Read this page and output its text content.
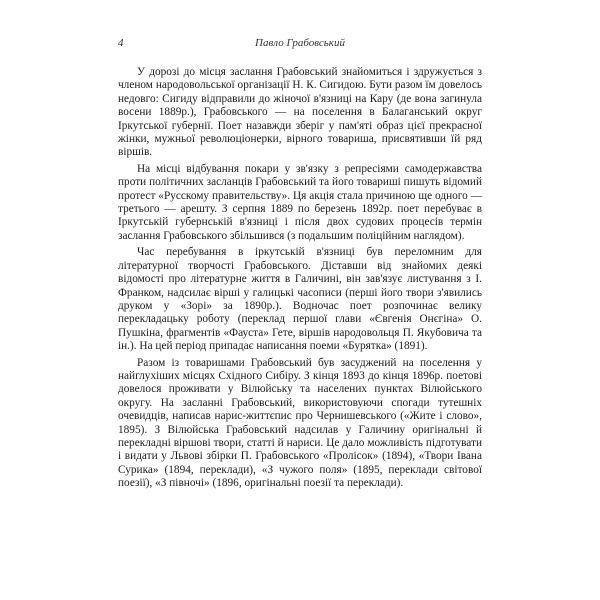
4	Павло Грабовський

У дорозі до місця заслання Грабовський знайомиться і здружується з членом народовольської організації Н. К. Сигидою. Бути разом їм довелось недовго: Сигиду відправили до жіночої в'язниці на Кару (де вона загинула восени 1889р.), Грабовського — на поселення в Балаганський округ Іркутської губернії. Поет назавжди зберіг у пам'яті образ цієї прекрасної жінки, мужньої революціонерки, вірного товариша, присвятивши їй ряд віршів.

На місці відбування покари у зв'язку з репресіями самодержавства проти політичних засланців Грабовський та його товариші пишуть відомий протест «Русскому правительству». Ця акція стала причиною ще одного — третього — арешту. З серпня 1889 по березень 1892р. поет перебуває в Іркутській губернській в'язниці і після двох судових процесів термін заслання Грабовського збільшився (з подальшим поліційним наглядом).

Час перебування в іркутській в'язниці був переломним для літературної творчості Грабовського. Діставши від знайомих деякі відомості про літературне життя в Галичині, він зав'язує листування з І. Франком, надсилає вірші у галицькі часописи (перші його твори з'явились друком у «Зорі» за 1890р.). Водночас поет розпочинає велику перекладацьку роботу (переклад першої глави «Євгенія Онєгіна» О. Пушкіна, фрагментів «Фауста» Гете, віршів народовольця П. Якубовича та ін.). На цей період припадає написання поеми «Бурятка» (1891).

Разом із товаришами Грабовський був засуджений на поселення у найглухіших місцях Східного Сибіру. З кінця 1893 до кінця 1896р. поетові довелося проживати у Вілюйську та населених пунктах Вілюйського округу. На засланні Грабовський, використовуючи спогади тутешніх очевидців, написав нарис-життєпис про Чернишевського («Жите і слово», 1895). З Вілюйська Грабовський надсилав у Галичину оригінальні й перекладні віршові твори, статті й нариси. Це дало можливість підготувати і видати у Львові збірки П. Грабовського «Пролісок» (1894), «Твори Івана Сурика» (1894, переклади), «З чужого поля» (1895, переклади світової поезії), «З півночі» (1896, оригінальні поезії та переклади).
